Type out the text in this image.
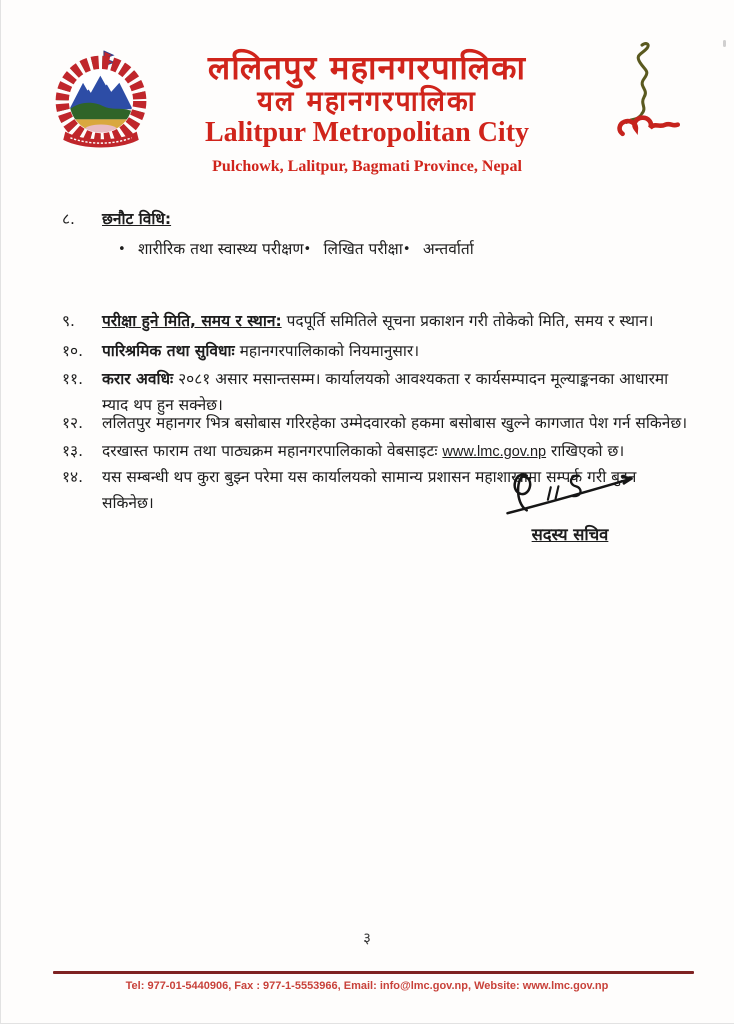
ललितपुर महानगरपालिका
यल महानगरपालिका
Lalitpur Metropolitan City
Pulchowk, Lalitpur, Bagmati Province, Nepal
८.	छनौट विधि:
• शारीरिक तथा स्वास्थ्य परीक्षण • लिखित परीक्षा • अन्तर्वार्ता
९.	परीक्षा हुने मिति, समय र स्थान: पदपूर्ति समितिले सूचना प्रकाशन गरी तोकेको मिति, समय र स्थान।
१०.	पारिश्रमिक तथा सुविधाः महानगरपालिकाको नियमानुसार।
११.	करार अवधिः २०८१ असार मसान्तसम्म। कार्यालयको आवश्यकता र कार्यसम्पादन मूल्याङ्कनका आधारमा म्याद थप हुन सक्नेछ।
१२.	ललितपुर महानगर भित्र बसोबास गरिरहेका उम्मेदवारको हकमा बसोबास खुल्ने कागजात पेश गर्न सकिनेछ।
१३.	दरखास्त फाराम तथा पाठ्यक्रम महानगरपालिकाको वेबसाइटः www.lmc.gov.np राखिएको छ।
१४.	यस सम्बन्धी थप कुरा बुझ्न परेमा यस कार्यालयको सामान्य प्रशासन महाशाखामा सम्पर्क गरी बुझ्न सकिनेछ।
सदस्य सचिव
३
Tel: 977-01-5440906, Fax : 977-1-5553966, Email: info@lmc.gov.np, Website: www.lmc.gov.np
